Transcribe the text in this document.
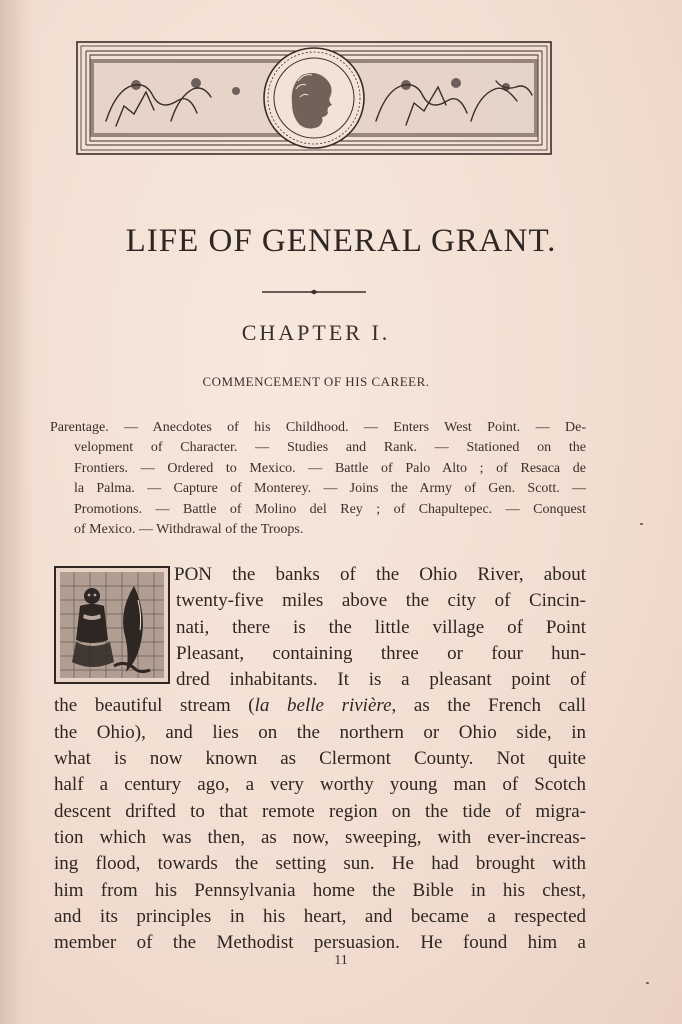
LIFE OF GENERAL GRANT.
CHAPTER I.
COMMENCEMENT OF HIS CAREER.
Parentage. — Anecdotes of his Childhood. — Enters West Point. — De-
velopment of Character. — Studies and Rank. — Stationed on the
Frontiers. — Ordered to Mexico. — Battle of Palo Alto ; of Resaca de
la Palma. — Capture of Monterey. — Joins the Army of Gen. Scott. —
Promotions. — Battle of Molino del Rey ; of Chapultepec. — Conquest
of Mexico. — Withdrawal of the Troops.
PON the banks of the Ohio River, about
twenty-five miles above the city of Cincin-
nati, there is the little village of Point
Pleasant, containing three or four hun-
dred inhabitants. It is a pleasant point of
the beautiful stream (la belle rivière, as the French call
the Ohio), and lies on the northern or Ohio side, in
what is now known as Clermont County. Not quite
half a century ago, a very worthy young man of Scotch
descent drifted to that remote region on the tide of migra-
tion which was then, as now, sweeping, with ever-increas-
ing flood, towards the setting sun. He had brought with
him from his Pennsylvania home the Bible in his chest,
and its principles in his heart, and became a respected
member of the Methodist persuasion. He found him a
11
